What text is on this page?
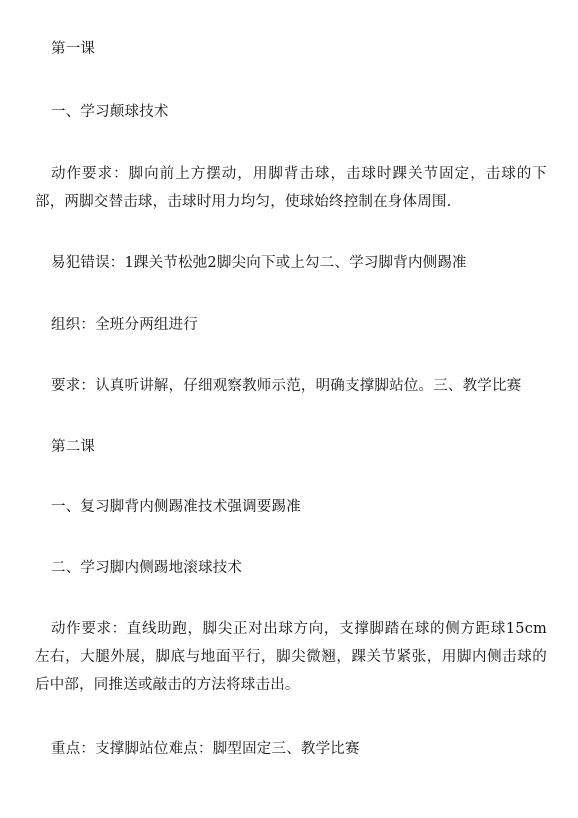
第一课
一、学习颠球技术
动作要求：脚向前上方摆动，用脚背击球，击球时踝关节固定，击球的下部，两脚交替击球，击球时用力均匀，使球始终控制在身体周围.
易犯错误：1踝关节松弛2脚尖向下或上勾二、学习脚背内侧踢准
组织：全班分两组进行
要求：认真听讲解，仔细观察教师示范，明确支撑脚站位。三、教学比赛
第二课
一、复习脚背内侧踢准技术强调要踢准
二、学习脚内侧踢地滚球技术
动作要求：直线助跑，脚尖正对出球方向，支撑脚踏在球的侧方距球15cm左右，大腿外展，脚底与地面平行，脚尖微翘，踝关节紧张，用脚内侧击球的后中部，同推送或敲击的方法将球击出。
重点：支撑脚站位难点：脚型固定三、教学比赛
